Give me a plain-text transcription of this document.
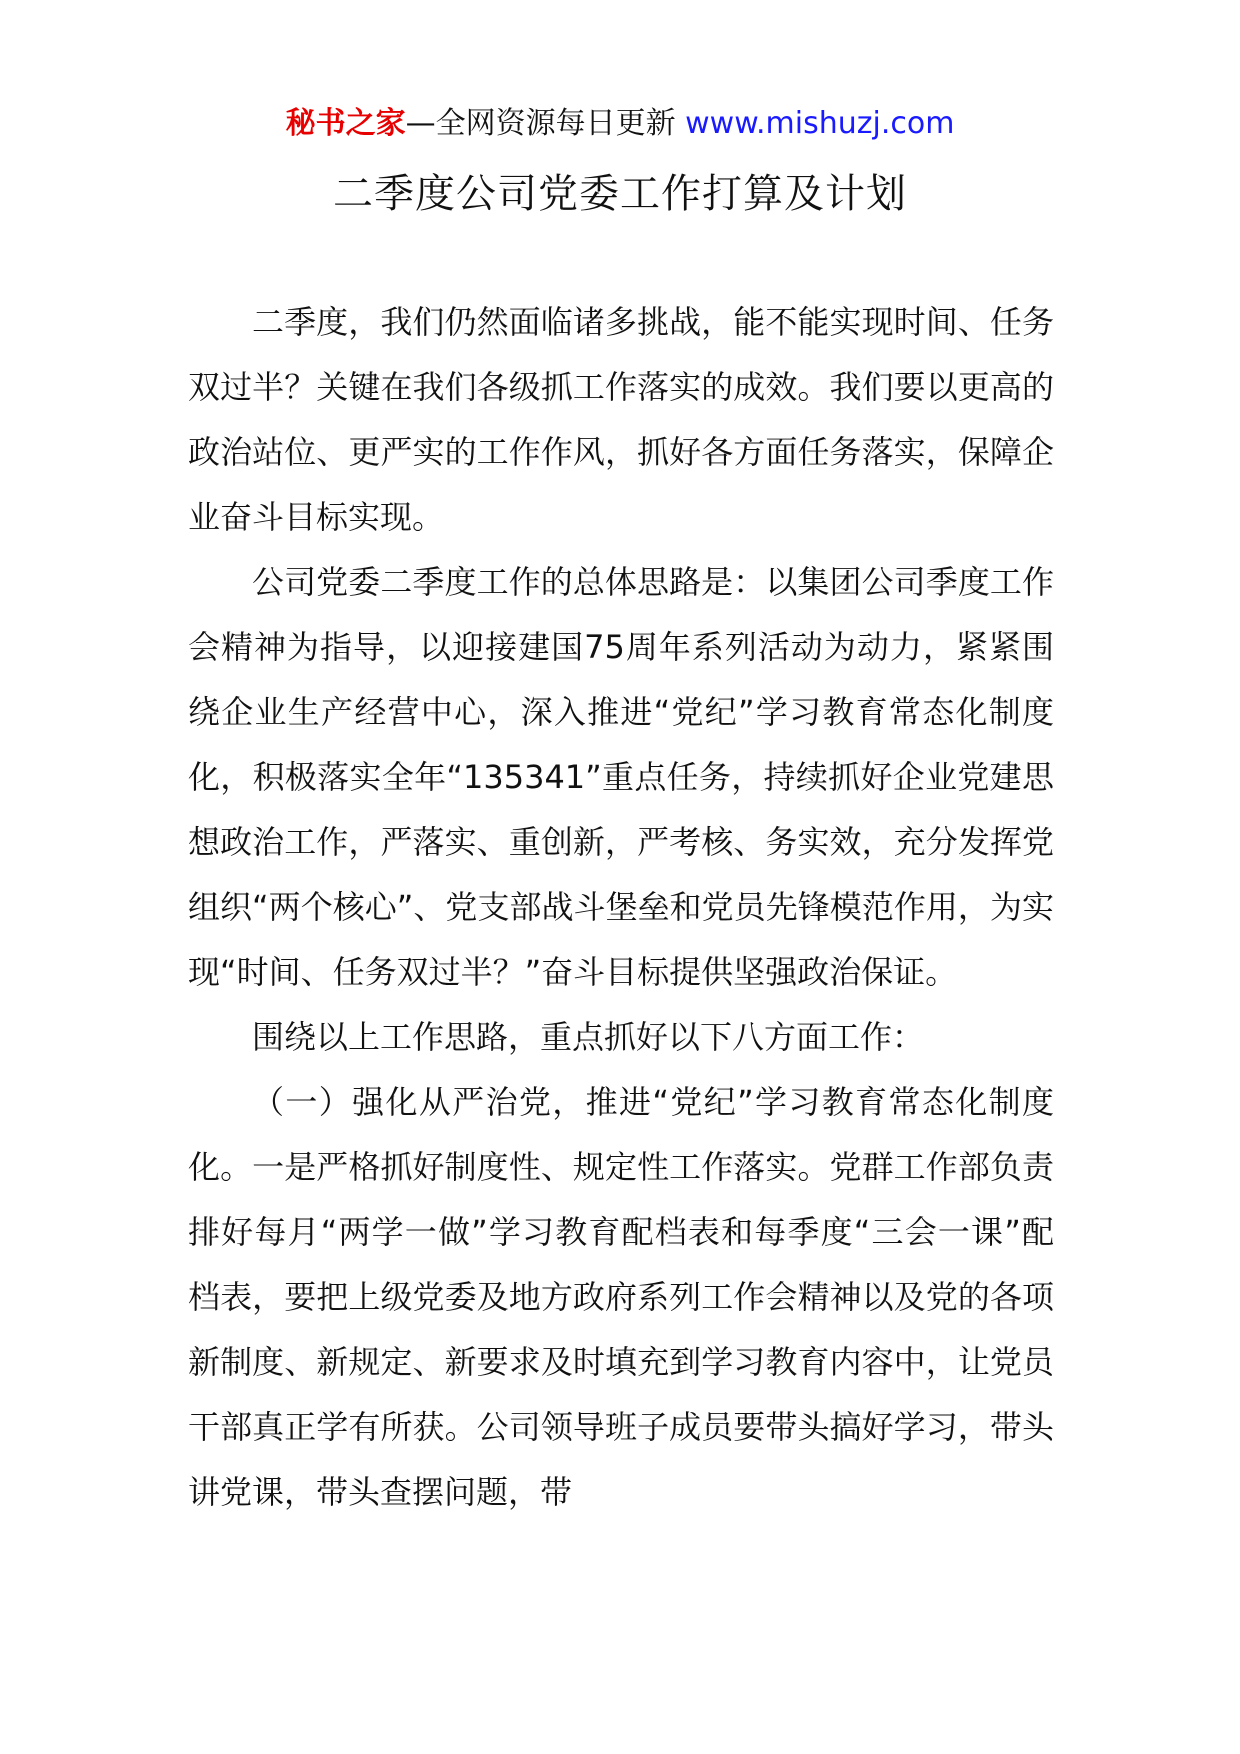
秘书之家—全网资源每日更新 www.mishuzj.com
二季度公司党委工作打算及计划

二季度，我们仍然面临诸多挑战，能不能实现时间、任务双过半？关键在我们各级抓工作落实的成效。我们要以更高的政治站位、更严实的工作作风，抓好各方面任务落实，保障企业奋斗目标实现。

公司党委二季度工作的总体思路是：以集团公司季度工作会精神为指导，以迎接建国75周年系列活动为动力，紧紧围绕企业生产经营中心，深入推进“党纪”学习教育常态化制度化，积极落实全年“135341”重点任务，持续抓好企业党建思想政治工作，严落实、重创新，严考核、务实效，充分发挥党组织“两个核心”、党支部战斗堡垒和党员先锋模范作用，为实现“时间、任务双过半？”奋斗目标提供坚强政治保证。

围绕以上工作思路，重点抓好以下八方面工作：

（一）强化从严治党，推进“党纪”学习教育常态化制度化。一是严格抓好制度性、规定性工作落实。党群工作部负责排好每月“两学一做”学习教育配档表和每季度“三会一课”配档表，要把上级党委及地方政府系列工作会精神以及党的各项新制度、新规定、新要求及时填充到学习教育内容中，让党员干部真正学有所获。公司领导班子成员要带头搞好学习，带头讲党课，带头查摆问题，带
